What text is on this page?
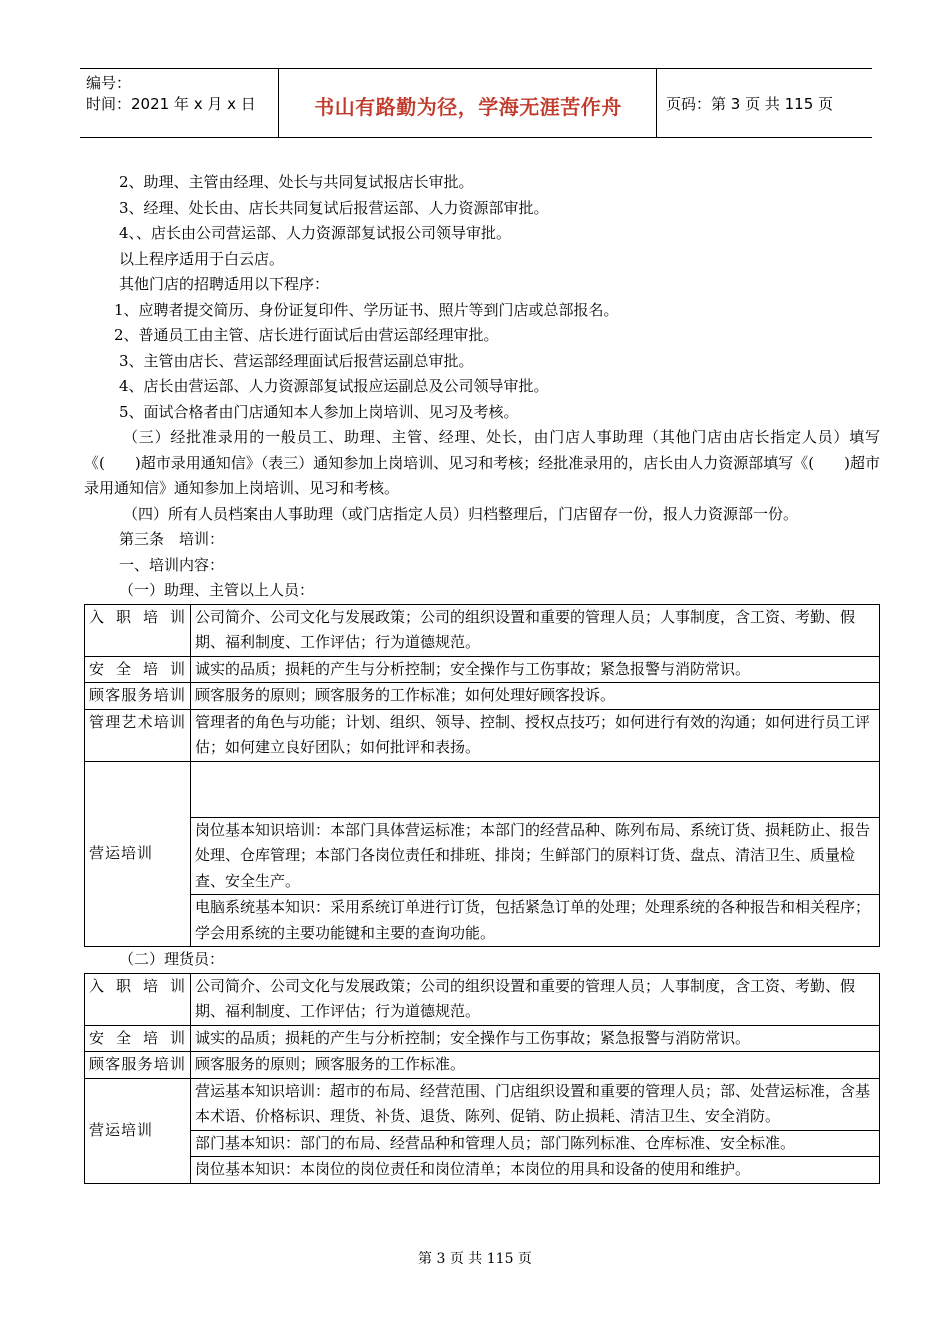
编号：
时间：2021 年 x 月 x 日	书山有路勤为径，学海无涯苦作舟	页码：第 3 页 共 115 页
2、助理、主管由经理、处长与共同复试报店长审批。
3、经理、处长由、店长共同复试后报营运部、人力资源部审批。
4、、店长由公司营运部、人力资源部复试报公司领导审批。
以上程序适用于白云店。
其他门店的招聘适用以下程序：
1、应聘者提交简历、身份证复印件、学历证书、照片等到门店或总部报名。
2、普通员工由主管、店长进行面试后由营运部经理审批。
3、主管由店长、营运部经理面试后报营运副总审批。
4、店长由营运部、人力资源部复试报应运副总及公司领导审批。
5、面试合格者由门店通知本人参加上岗培训、见习及考核。
（三）经批准录用的一般员工、助理、主管、经理、处长，由门店人事助理（其他门店由店长指定人员）填写《(　　)超市录用通知信》（表三）通知参加上岗培训、见习和考核；经批准录用的，店长由人力资源部填写《(　　)超市录用通知信》通知参加上岗培训、见习和考核。
（四）所有人员档案由人事助理（或门店指定人员）归档整理后，门店留存一份，报人力资源部一份。
第三条　培训：
一、培训内容：
（一）助理、主管以上人员：
入职培训	公司简介、公司文化与发展政策；公司的组织设置和重要的管理人员；人事制度，含工资、考勤、假期、福利制度、工作评估；行为道德规范。
安全培训	诚实的品质；损耗的产生与分析控制；安全操作与工伤事故；紧急报警与消防常识。
顾客服务培训	顾客服务的原则；顾客服务的工作标准；如何处理好顾客投诉。
管理艺术培训	管理者的角色与功能；计划、组织、领导、控制、授权点技巧；如何进行有效的沟通；如何进行员工评估；如何建立良好团队；如何批评和表扬。
营运培训	
	岗位基本知识培训：本部门具体营运标准；本部门的经营品种、陈列布局、系统订货、损耗防止、报告处理、仓库管理；本部门各岗位责任和排班、排岗；生鲜部门的原料订货、盘点、清洁卫生、质量检查、安全生产。
	电脑系统基本知识：采用系统订单进行订货，包括紧急订单的处理；处理系统的各种报告和相关程序；学会用系统的主要功能键和主要的查询功能。
（二）理货员：
入职培训	公司简介、公司文化与发展政策；公司的组织设置和重要的管理人员；人事制度，含工资、考勤、假期、福利制度、工作评估；行为道德规范。
安全培训	诚实的品质；损耗的产生与分析控制；安全操作与工伤事故；紧急报警与消防常识。
顾客服务培训	顾客服务的原则；顾客服务的工作标准。
营运培训	营运基本知识培训：超市的布局、经营范围、门店组织设置和重要的管理人员；部、处营运标准，含基本术语、价格标识、理货、补货、退货、陈列、促销、防止损耗、清洁卫生、安全消防。
	部门基本知识：部门的布局、经营品种和管理人员；部门陈列标准、仓库标准、安全标准。
	岗位基本知识：本岗位的岗位责任和岗位清单；本岗位的用具和设备的使用和维护。
第 3 页 共 115 页
